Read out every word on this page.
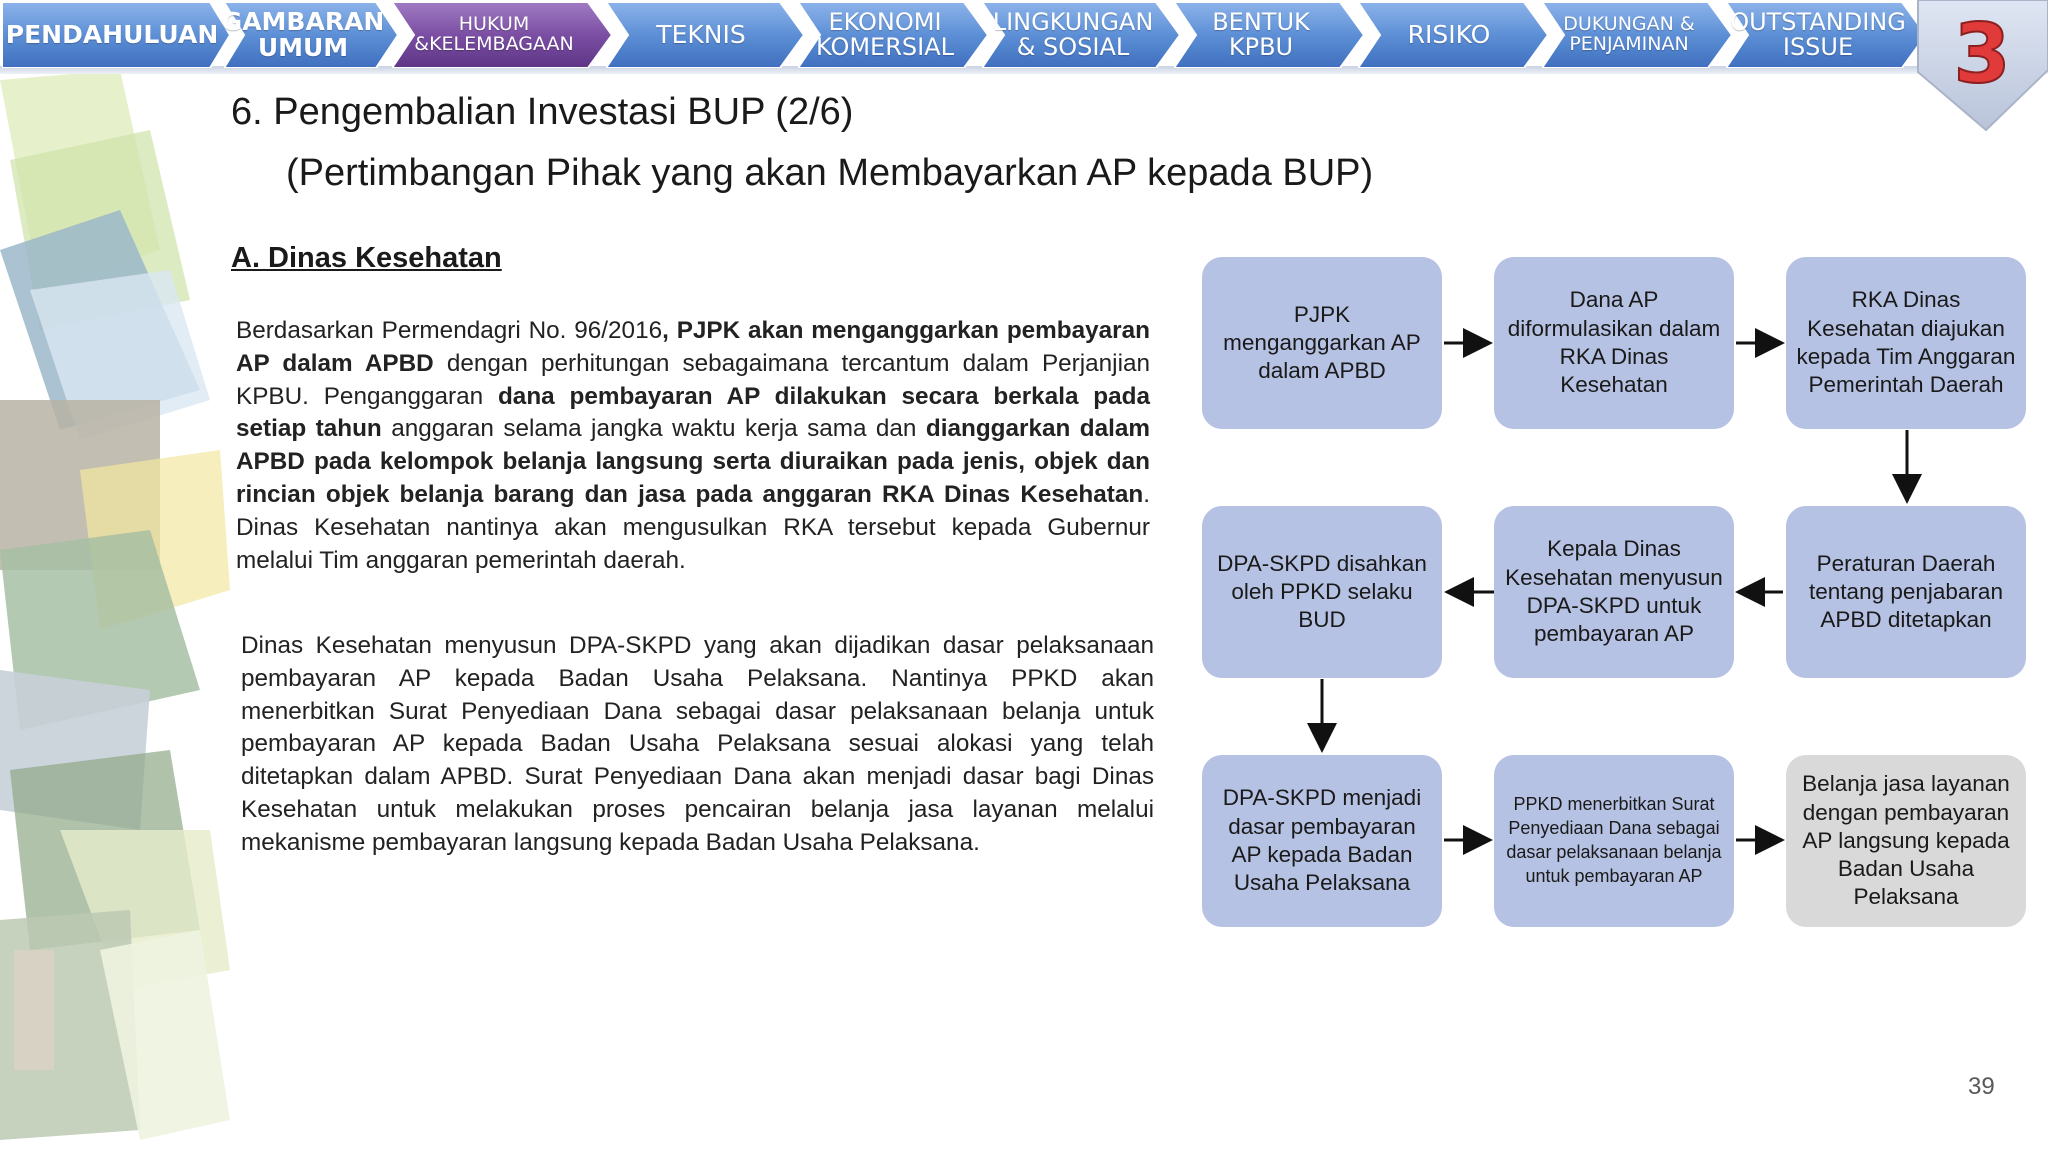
PENDAHULUAN GAMBARAN
UMUM
HUKUM
&KELEMBAGAAN	TEKNIS	EKONOMI
KOMERSIAL
LINGKUNGAN
& SOSIAL
BENTUK
KPBU	RISIKO	DUKUNGAN &
PENJAMINAN
OUTSTANDING
ISSUE	3
6. Pengembalian Investasi BUP (2/6)
(Pertimbangan Pihak yang akan Membayarkan AP kepada BUP)
A. Dinas Kesehatan
Berdasarkan Permendagri No. 96/2016, PJPK akan menganggarkan pembayaran AP dalam APBD dengan perhitungan sebagaimana tercantum dalam Perjanjian KPBU. Penganggaran dana pembayaran AP dilakukan secara berkala pada setiap tahun anggaran selama jangka waktu kerja sama dan dianggarkan dalam APBD pada kelompok belanja langsung serta diuraikan pada jenis, objek dan rincian objek belanja barang dan jasa pada anggaran RKA Dinas Kesehatan. Dinas Kesehatan nantinya akan mengusulkan RKA tersebut kepada Gubernur melalui Tim anggaran pemerintah daerah.
Dinas Kesehatan menyusun DPA-SKPD yang akan dijadikan dasar pelaksanaan pembayaran AP kepada Badan Usaha Pelaksana. Nantinya PPKD akan menerbitkan Surat Penyediaan Dana sebagai dasar pelaksanaan belanja untuk pembayaran AP kepada Badan Usaha Pelaksana sesuai alokasi yang telah ditetapkan dalam APBD. Surat Penyediaan Dana akan menjadi dasar bagi Dinas Kesehatan untuk melakukan proses pencairan belanja jasa layanan melalui mekanisme pembayaran langsung kepada Badan Usaha Pelaksana.
PJPK menganggarkan AP dalam APBD
Dana AP diformulasikan dalam RKA Dinas Kesehatan
RKA Dinas Kesehatan diajukan kepada Tim Anggaran Pemerintah Daerah
Peraturan Daerah tentang penjabaran APBD ditetapkan
Kepala Dinas Kesehatan menyusun DPA-SKPD untuk pembayaran AP
DPA-SKPD disahkan oleh PPKD selaku BUD
DPA-SKPD menjadi dasar pembayaran AP kepada Badan Usaha Pelaksana
PPKD menerbitkan Surat Penyediaan Dana sebagai dasar pelaksanaan belanja untuk pembayaran AP
Belanja jasa layanan dengan pembayaran AP langsung kepada Badan Usaha Pelaksana
39
